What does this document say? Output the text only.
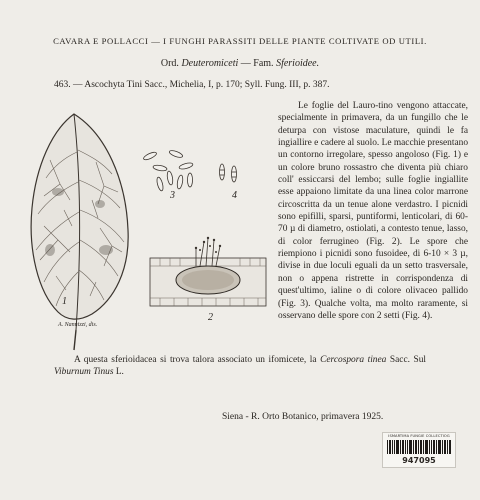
CAVARA E POLLACCI — I FUNGHI PARASSITI DELLE PIANTE COLTIVATE OD UTILI.
Ord. Deuteromiceti — Fam. Sferioidee.
463. — Ascochyta Tini Sacc., Michelia, I, p. 170; Syll. Fung. III, p. 387.
1
2
3	4
A. Nannizzi, dis.

Le foglie del Lauro-tino vengono attaccate, specialmente in primavera, da un fungillo che le deturpa con vistose maculature, quindi le fa ingiallire e cadere al suolo. Le macchie presentano un contorno irregolare, spesso angoloso (Fig. 1) e un colore bruno rossastro che diventa più chiaro coll' essiccarsi del lembo; sulle foglie ingiallite esse appaiono limitate da una linea color marrone circoscritta da un tenue alone verdastro. I picnidi sono epifilli, sparsi, puntiformi, lenticolari, di 60-70 µ di diametro, ostiolati, a contesto tenue, lasso, di color ferrugineo (Fig. 2). Le spore che riempiono i picnidi sono fusoidee, di 6-10 × 3 µ, divise in due loculi eguali da un setto trasversale, non o appena ristrette in corrispondenza di quest'ultimo, ialine o di colore olivaceo pallido (Fig. 3). Qualche volta, ma molto raramente, si osservano delle spore con 2 setti (Fig. 4).

A questa sferioidacea si trova talora associato un ifomicete, la Cercospora tinea Sacc. Sul Viburnum Tinus L.

Siena - R. Orto Botanico, primavera 1925.
ISMARTIMA FUNGIE COLLECTIOG
947095
